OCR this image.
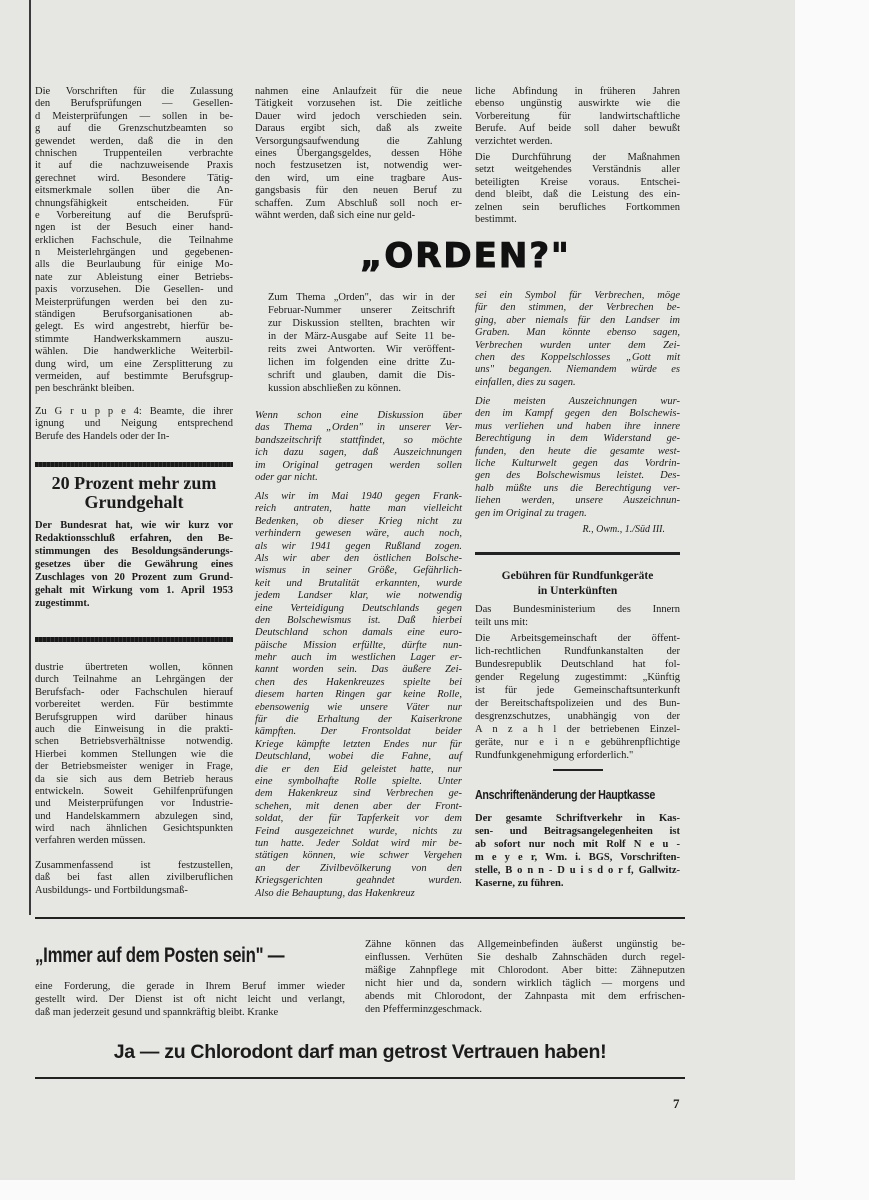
Die Vorschriften für die Zulassung
den Berufsprüfungen — Gesellen-
d Meisterprüfungen — sollen in be-
g auf die Grenzschutzbeamten so
gewendet werden, daß die in den
chnischen Truppenteilen verbrachte
it auf die nachzuweisende Praxis
gerechnet wird. Besondere Tätig-
eitsmerkmale sollen über die An-
chnungsfähigkeit entscheiden. Für
e Vorbereitung auf die Berufsprü-
ngen ist der Besuch einer hand-
erklichen Fachschule, die Teilnahme
n Meisterlehrgängen und gegebenen-
alls die Beurlaubung für einige Mo-
nate zur Ableistung einer Betriebs-
paxis vorzusehen. Die Gesellen- und
Meisterprüfungen werden bei den zu-
ständigen Berufsorganisationen ab-
gelegt. Es wird angestrebt, hierfür be-
stimmte Handwerkskammern auszu-
wählen. Die handwerkliche Weiterbil-
dung wird, um eine Zersplitterung zu
vermeiden, auf bestimmte Berufsgrup-
pen beschränkt bleiben.
Zu G r u p p e 4: Beamte, die ihrer
ignung und Neigung entsprechend
Berufe des Handels oder der In-
20 Prozent mehr zum
Grundgehalt
Der Bundesrat hat, wie wir kurz vor
Redaktionsschluß erfahren, den Be-
stimmungen des Besoldungsänderungs-
gesetzes über die Gewährung eines
Zuschlages von 20 Prozent zum Grund-
gehalt mit Wirkung vom 1. April 1953
zugestimmt.
dustrie übertreten wollen, können
durch Teilnahme an Lehrgängen der
Berufsfach- oder Fachschulen hierauf
vorbereitet werden. Für bestimmte
Berufsgruppen wird darüber hinaus
auch die Einweisung in die prakti-
schen Betriebsverhältnisse notwendig.
Hierbei kommen Stellungen wie die
der Betriebsmeister weniger in Frage,
da sie sich aus dem Betrieb heraus
entwickeln. Soweit Gehilfenprüfungen
und Meisterprüfungen vor Industrie-
und Handelskammern abzulegen sind,
wird nach ähnlichen Gesichtspunkten
verfahren werden müssen.
Zusammenfassend ist festzustellen,
daß bei fast allen zivilberuflichen
Ausbildungs- und Fortbildungsmaß-
nahmen eine Anlaufzeit für die neue
Tätigkeit vorzusehen ist. Die zeitliche
Dauer wird jedoch verschieden sein.
Daraus ergibt sich, daß als zweite
Versorgungsaufwendung die Zahlung
eines Übergangsgeldes, dessen Höhe
noch festzusetzen ist, notwendig wer-
den wird, um eine tragbare Aus-
gangsbasis für den neuen Beruf zu
schaffen. Zum Abschluß soll noch er-
wähnt werden, daß sich eine nur geld-
„ORDEN?"
Zum Thema „Orden", das wir in der
Februar-Nummer unserer Zeitschrift
zur Diskussion stellten, brachten wir
in der März-Ausgabe auf Seite 11 be-
reits zwei Antworten. Wir veröffent-
lichen im folgenden eine dritte Zu-
schrift und glauben, damit die Dis-
kussion abschließen zu können.
Wenn schon eine Diskussion über
das Thema „Orden" in unserer Ver-
bandszeitschrift stattfindet, so möchte
ich dazu sagen, daß Auszeichnungen
im Original getragen werden sollen
oder gar nicht.
Als wir im Mai 1940 gegen Frank-
reich antraten, hatte man vielleicht
Bedenken, ob dieser Krieg nicht zu
verhindern gewesen wäre, auch noch,
als wir 1941 gegen Rußland zogen.
Als wir aber den östlichen Bolsche-
wismus in seiner Größe, Gefährlich-
keit und Brutalität erkannten, wurde
jedem Landser klar, wie notwendig
eine Verteidigung Deutschlands gegen
den Bolschewismus ist. Daß hierbei
Deutschland schon damals eine euro-
päische Mission erfüllte, dürfte nun-
mehr auch im westlichen Lager er-
kannt worden sein. Das äußere Zei-
chen des Hakenkreuzes spielte bei
diesem harten Ringen gar keine Rolle,
ebensowenig wie unsere Väter nur
für die Erhaltung der Kaiserkrone
kämpften. Der Frontsoldat beider
Kriege kämpfte letzten Endes nur für
Deutschland, wobei die Fahne, auf
die er den Eid geleistet hatte, nur
eine symbolhafte Rolle spielte. Unter
dem Hakenkreuz sind Verbrechen ge-
schehen, mit denen aber der Front-
soldat, der für Tapferkeit vor dem
Feind ausgezeichnet wurde, nichts zu
tun hatte. Jeder Soldat wird mir be-
stätigen können, wie schwer Vergehen
an der Zivilbevölkerung von den
Kriegsgerichten geahndet wurden.
Also die Behauptung, das Hakenkreuz
liche Abfindung in früheren Jahren
ebenso ungünstig auswirkte wie die
Vorbereitung für landwirtschaftliche
Berufe. Auf beide soll daher bewußt
verzichtet werden.
Die Durchführung der Maßnahmen
setzt weitgehendes Verständnis aller
beteiligten Kreise voraus. Entschei-
dend bleibt, daß die Leistung des ein-
zelnen sein berufliches Fortkommen
bestimmt.
sei ein Symbol für Verbrechen, möge
für den stimmen, der Verbrechen be-
ging, aber niemals für den Landser im
Graben. Man könnte ebenso sagen,
Verbrechen wurden unter dem Zei-
chen des Koppelschlosses „Gott mit
uns" begangen. Niemandem würde es
einfallen, dies zu sagen.
Die meisten Auszeichnungen wur-
den im Kampf gegen den Bolschewis-
mus verliehen und haben ihre innere
Berechtigung in dem Widerstand ge-
funden, den heute die gesamte west-
liche Kulturwelt gegen das Vordrin-
gen des Bolschewismus leistet. Des-
halb müßte uns die Berechtigung ver-
liehen werden, unsere Auszeichnun-
gen im Original zu tragen.
R., Owm., 1./Süd III.
Gebühren für Rundfunkgeräte
in Unterkünften
Das Bundesministerium des Innern
teilt uns mit:
Die Arbeitsgemeinschaft der öffent-
lich-rechtlichen Rundfunkanstalten der
Bundesrepublik Deutschland hat fol-
gender Regelung zugestimmt: „Künftig
ist für jede Gemeinschaftsunterkunft
der Bereitschaftspolizeien und des Bun-
desgrenzschutzes, unabhängig von der
A n z a h l der betriebenen Einzel-
geräte, nur e i n e gebührenpflichtige
Rundfunkgenehmigung erforderlich."
Anschriftenänderung der Hauptkasse
Der gesamte Schriftverkehr in Kas-
sen- und Beitragsangelegenheiten ist
ab sofort nur noch mit Rolf N e u -
m e y e r, Wm. i. BGS, Vorschriften-
stelle, B o n n - D u i s d o r f, Gallwitz-
Kaserne, zu führen.
„Immer auf dem Posten sein" —
eine Forderung, die gerade in Ihrem Beruf immer wieder
gestellt wird. Der Dienst ist oft nicht leicht und verlangt,
daß man jederzeit gesund und spannkräftig bleibt. Kranke
Zähne können das Allgemeinbefinden äußerst ungünstig be-
einflussen. Verhüten Sie deshalb Zahnschäden durch regel-
mäßige Zahnpflege mit Chlorodont. Aber bitte: Zähneputzen
nicht hier und da, sondern wirklich täglich — morgens und
abends mit Chlorodont, der Zahnpasta mit dem erfrischen-
den Pfefferminzgeschmack.
Ja — zu Chlorodont darf man getrost Vertrauen haben!
7
